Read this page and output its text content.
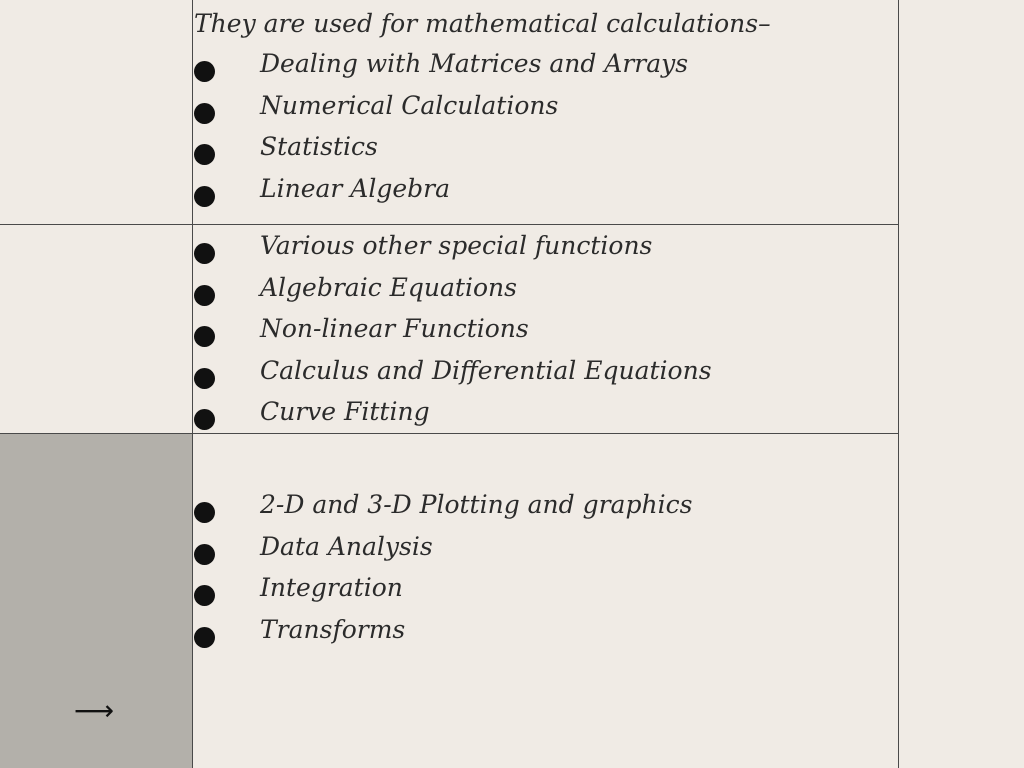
They are used for mathematical calculations–
Dealing with Matrices and Arrays
Numerical Calculations
Statistics
Linear Algebra
Various other special functions
Algebraic Equations
Non-linear Functions
Calculus and Differential Equations
Curve Fitting
2-D and 3-D Plotting and graphics
Data Analysis
Integration
Transforms
⟶
